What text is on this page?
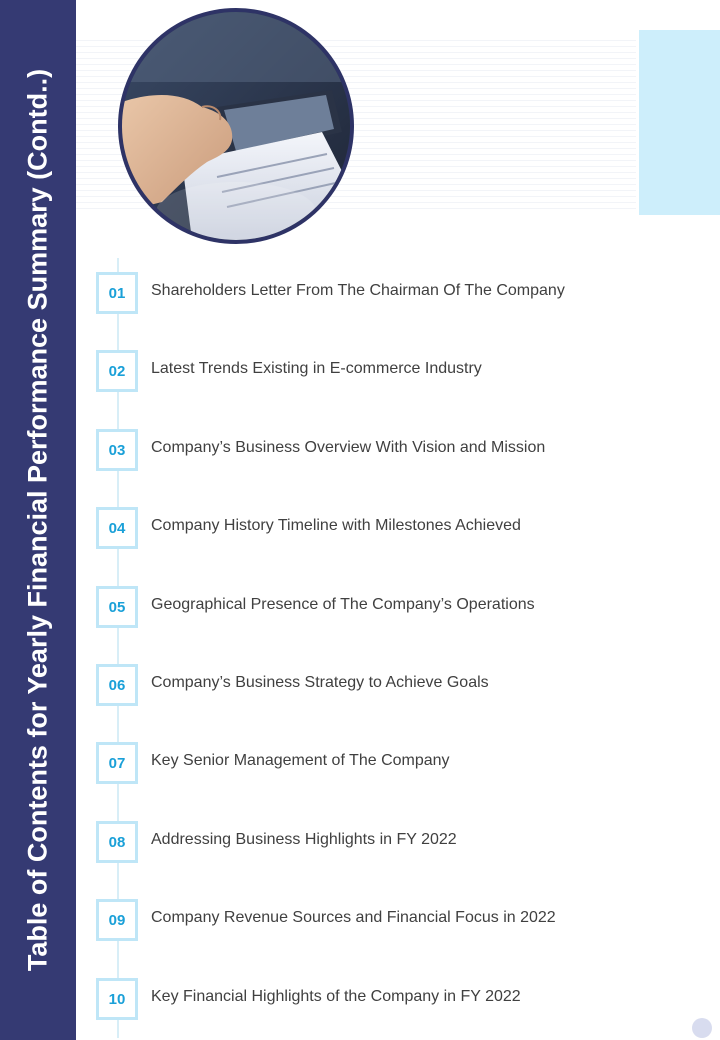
Table of Contents for Yearly Financial Performance Summary (Contd..)	01	Shareholders Letter From The Chairman Of The Company
02	Latest Trends Existing in E-commerce Industry
03	Company’s Business Overview With Vision and Mission
04	Company History Timeline with Milestones Achieved
05	Geographical Presence of The Company’s Operations
06	Company’s Business Strategy to Achieve Goals
07	Key Senior Management of The Company
08	Addressing Business Highlights in FY 2022
09	Company Revenue Sources and Financial Focus in 2022
10	Key Financial Highlights of the Company in FY 2022
